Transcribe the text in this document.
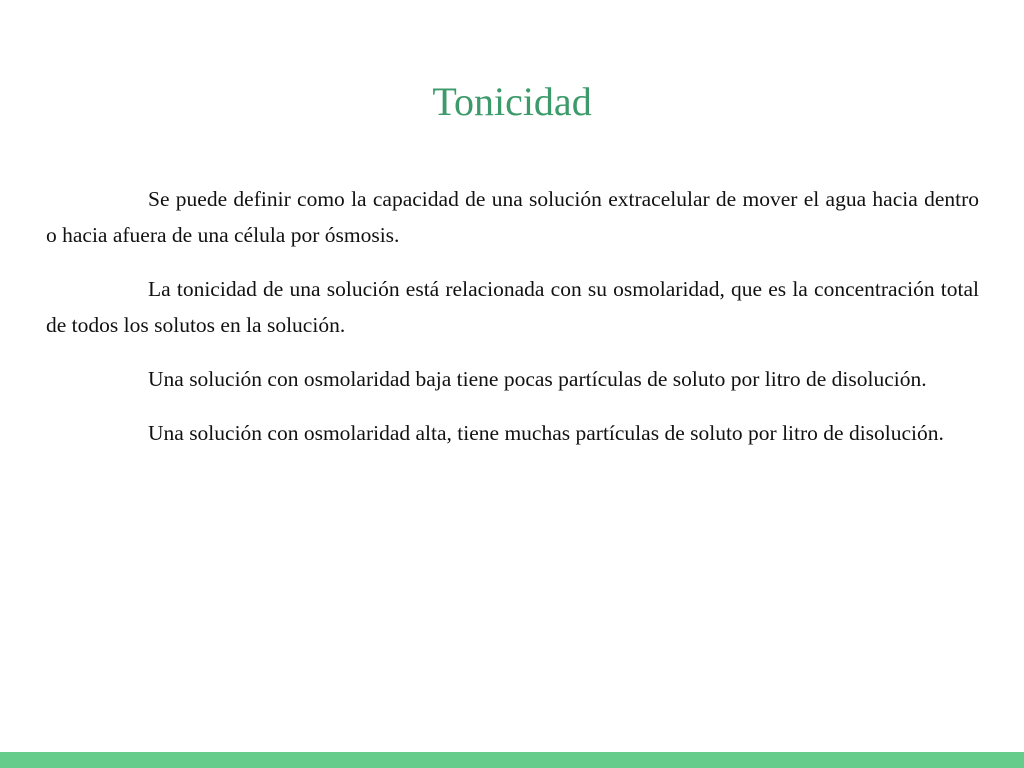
Tonicidad

Se puede definir como la capacidad de una solución extracelular de mover el agua hacia dentro o hacia afuera de una célula por ósmosis.

La tonicidad de una solución está relacionada con su osmolaridad, que es la concentración total de todos los solutos en la solución.

Una solución con osmolaridad baja tiene pocas partículas de soluto por litro de disolución.

Una solución con osmolaridad alta, tiene muchas partículas de soluto por litro de disolución.
